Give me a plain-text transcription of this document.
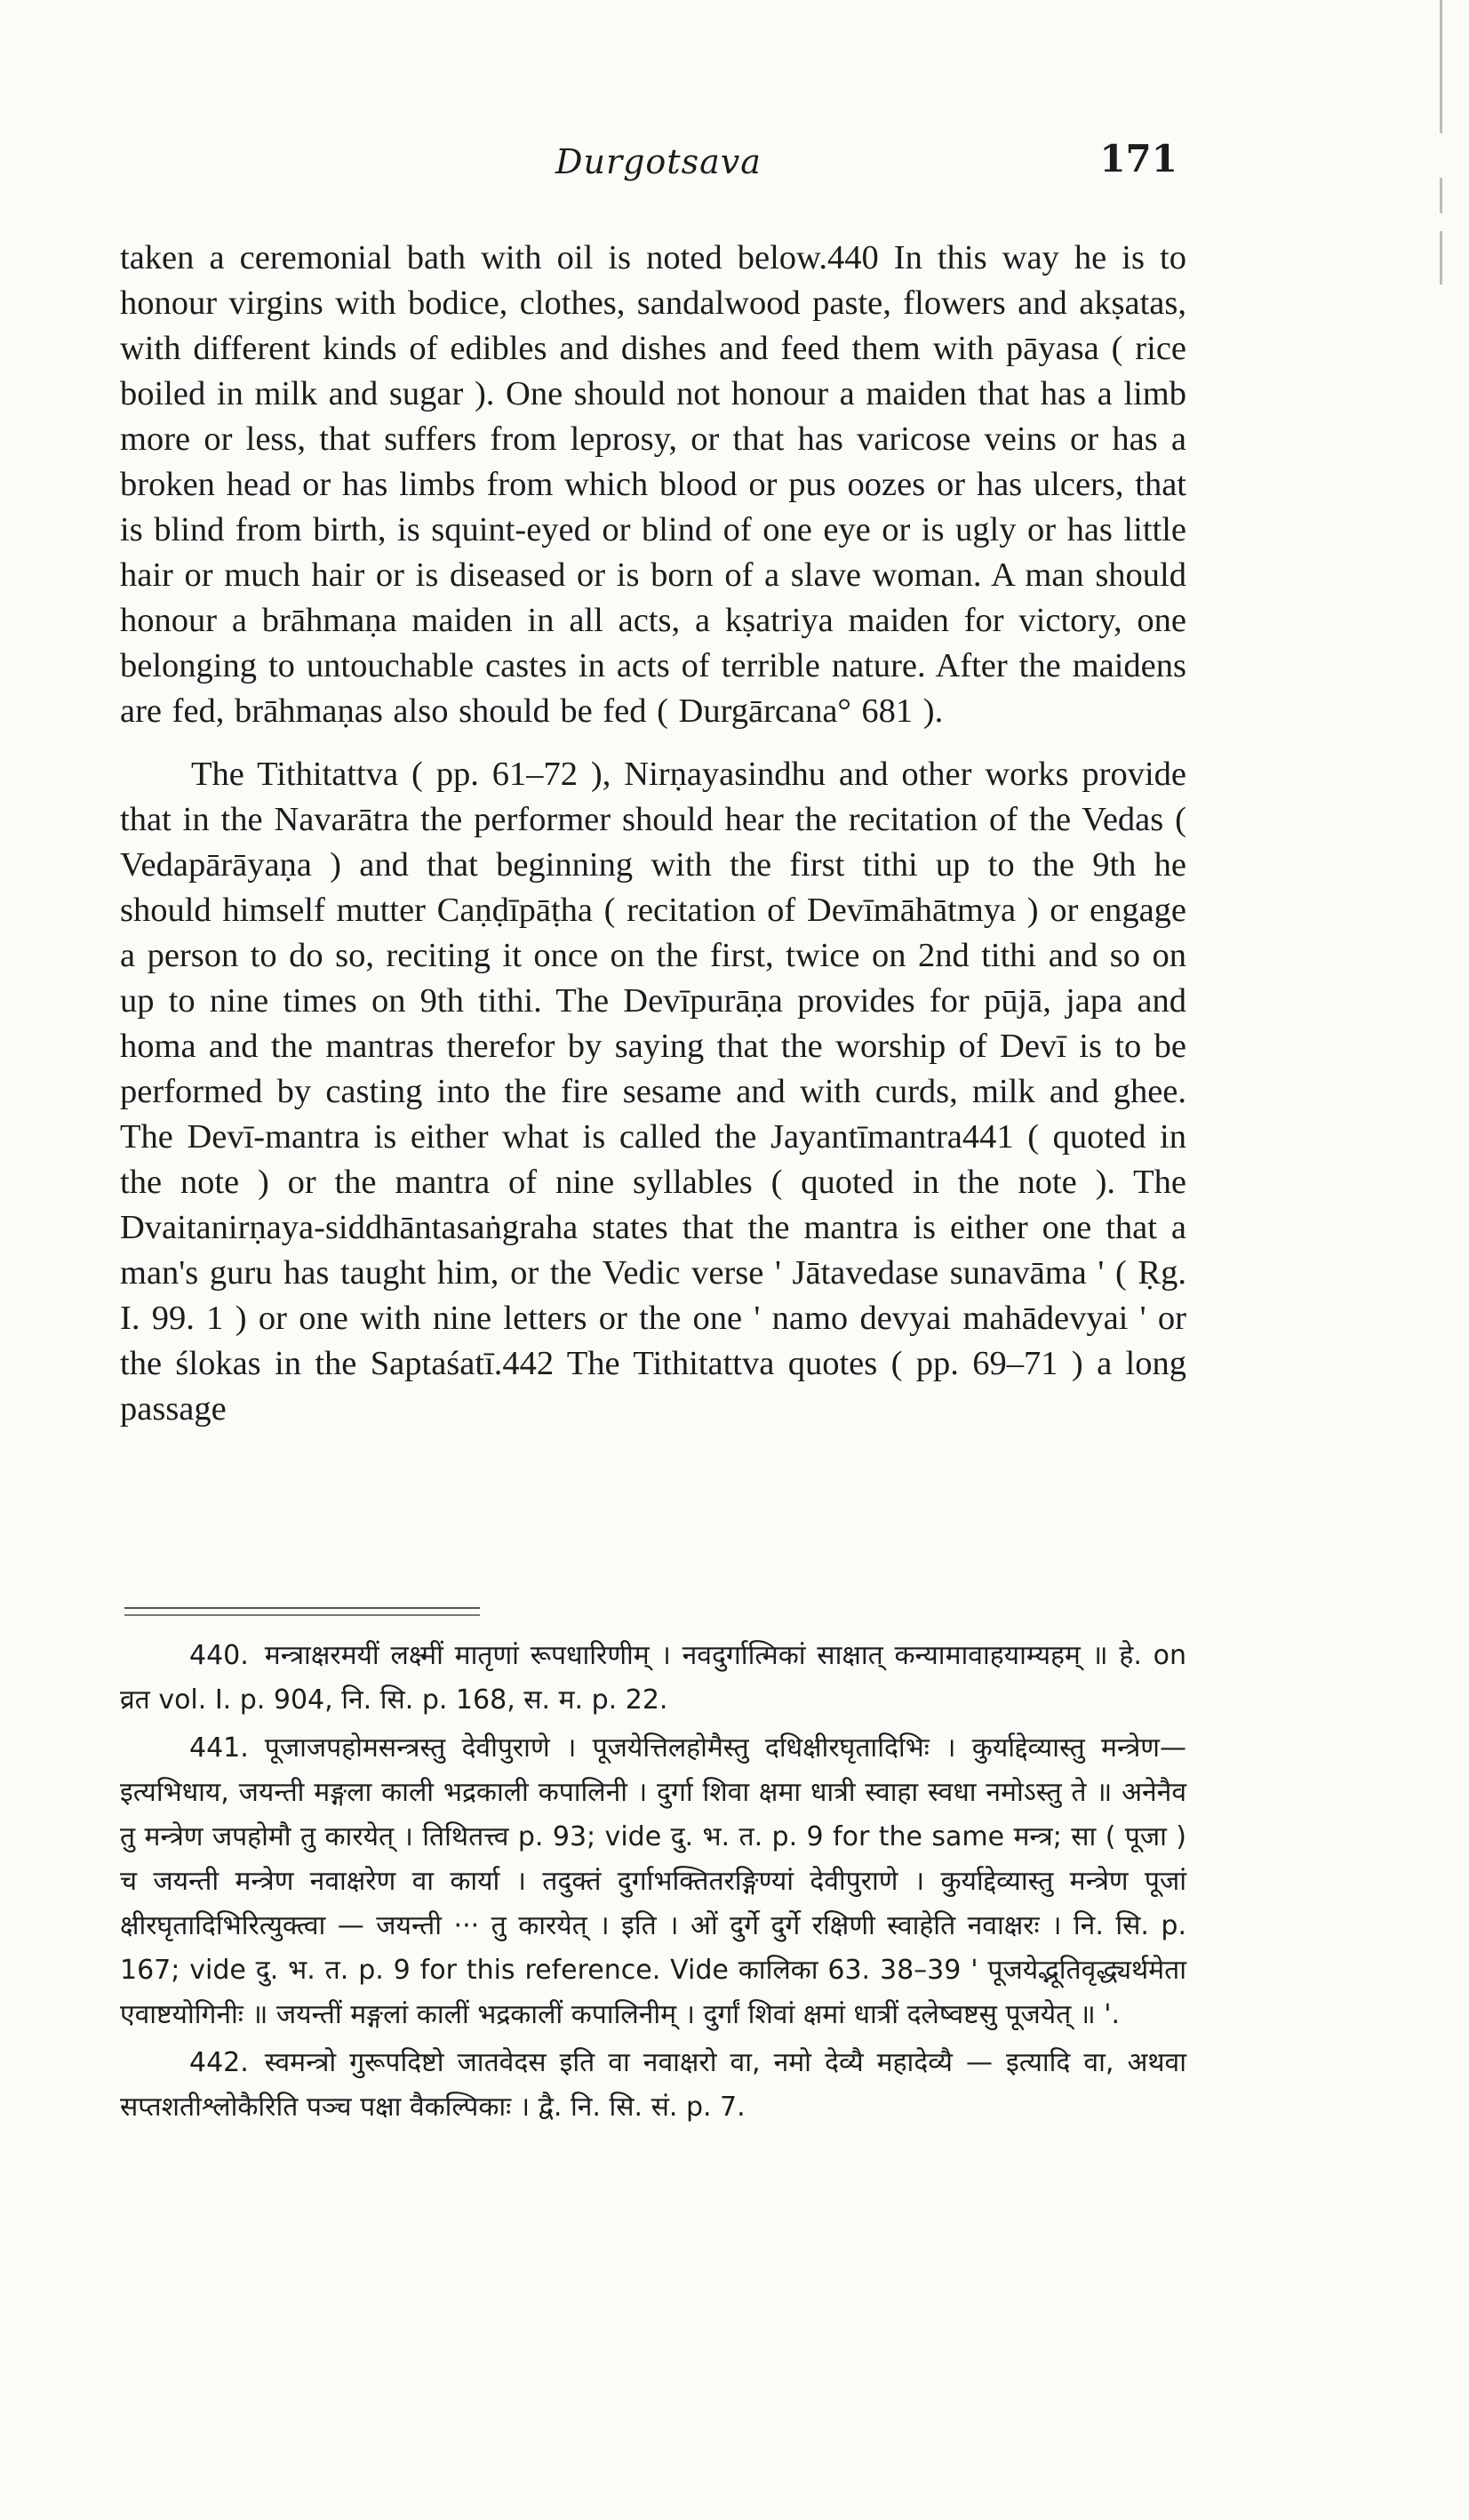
Durgotsava	171

taken a ceremonial bath with oil is noted below.440 In this way he is to honour virgins with bodice, clothes, sandalwood paste, flowers and akṣatas, with different kinds of edibles and dishes and feed them with pāyasa ( rice boiled in milk and sugar ). One should not honour a maiden that has a limb more or less, that suffers from leprosy, or that has varicose veins or has a broken head or has limbs from which blood or pus oozes or has ulcers, that is blind from birth, is squint-eyed or blind of one eye or is ugly or has little hair or much hair or is diseased or is born of a slave woman. A man should honour a brāhmaṇa maiden in all acts, a kṣatriya maiden for victory, one belonging to untouchable castes in acts of terrible nature. After the maidens are fed, brāhmaṇas also should be fed ( Durgārcana° 681 ).

The Tithitattva ( pp. 61–72 ), Nirṇayasindhu and other works provide that in the Navarātra the performer should hear the recitation of the Vedas ( Vedapārāyaṇa ) and that beginning with the first tithi up to the 9th he should himself mutter Caṇḍīpāṭha ( recitation of Devīmāhātmya ) or engage a person to do so, reciting it once on the first, twice on 2nd tithi and so on up to nine times on 9th tithi. The Devīpurāṇa provides for pūjā, japa and homa and the mantras therefor by saying that the worship of Devī is to be performed by casting into the fire sesame and with curds, milk and ghee. The Devī-mantra is either what is called the Jayantīmantra441 ( quoted in the note ) or the mantra of nine syllables ( quoted in the note ). The Dvaitanirṇaya-siddhāntasaṅgraha states that the mantra is either one that a man's guru has taught him, or the Vedic verse ' Jātavedase sunavāma ' ( Ṛg. I. 99. 1 ) or one with nine letters or the one ' namo devyai mahādevyai ' or the ślokas in the Saptaśatī.442 The Tithitattva quotes ( pp. 69–71 ) a long passage

440. मन्त्राक्षरमयीं लक्ष्मीं मातृणां रूपधारिणीम् । नवदुर्गात्मिकां साक्षात् कन्यामावाहयाम्यहम् ॥ हे. on व्रत vol. I. p. 904, नि. सि. p. 168, स. म. p. 22.

441. पूजाजपहोमसन्त्रस्तु देवीपुराणे । पूजयेत्तिलहोमैस्तु दधिक्षीरघृतादिभिः । कुर्याद्देव्यास्तु मन्त्रेण—इत्यभिधाय, जयन्ती मङ्गला काली भद्रकाली कपालिनी । दुर्गा शिवा क्षमा धात्री स्वाहा स्वधा नमोऽस्तु ते ॥ अनेनैव तु मन्त्रेण जपहोमौ तु कारयेत् । तिथितत्त्व p. 93; vide दु. भ. त. p. 9 for the same मन्त्र; सा ( पूजा ) च जयन्ती मन्त्रेण नवाक्षरेण वा कार्या । तदुक्तं दुर्गाभक्तितरङ्गिण्यां देवीपुराणे । कुर्याद्देव्यास्तु मन्त्रेण पूजां क्षीरघृतादिभिरित्युक्त्वा — जयन्ती ··· तु कारयेत् । इति । ओं दुर्गे दुर्गे रक्षिणी स्वाहेति नवाक्षरः । नि. सि. p. 167; vide दु. भ. त. p. 9 for this reference. Vide कालिका 63. 38–39 ' पूजयेद्भूतिवृद्ध्यर्थमेता एवाष्टयोगिनीः ॥ जयन्तीं मङ्गलां कालीं भद्रकालीं कपालिनीम् । दुर्गां शिवां क्षमां धात्रीं दलेष्वष्टसु पूजयेत् ॥ '.

442. स्वमन्त्रो गुरूपदिष्टो जातवेदस इति वा नवाक्षरो वा, नमो देव्यै महादेव्यै — इत्यादि वा, अथवा सप्तशतीश्लोकैरिति पञ्च पक्षा वैकल्पिकाः । द्वै. नि. सि. सं. p. 7.
